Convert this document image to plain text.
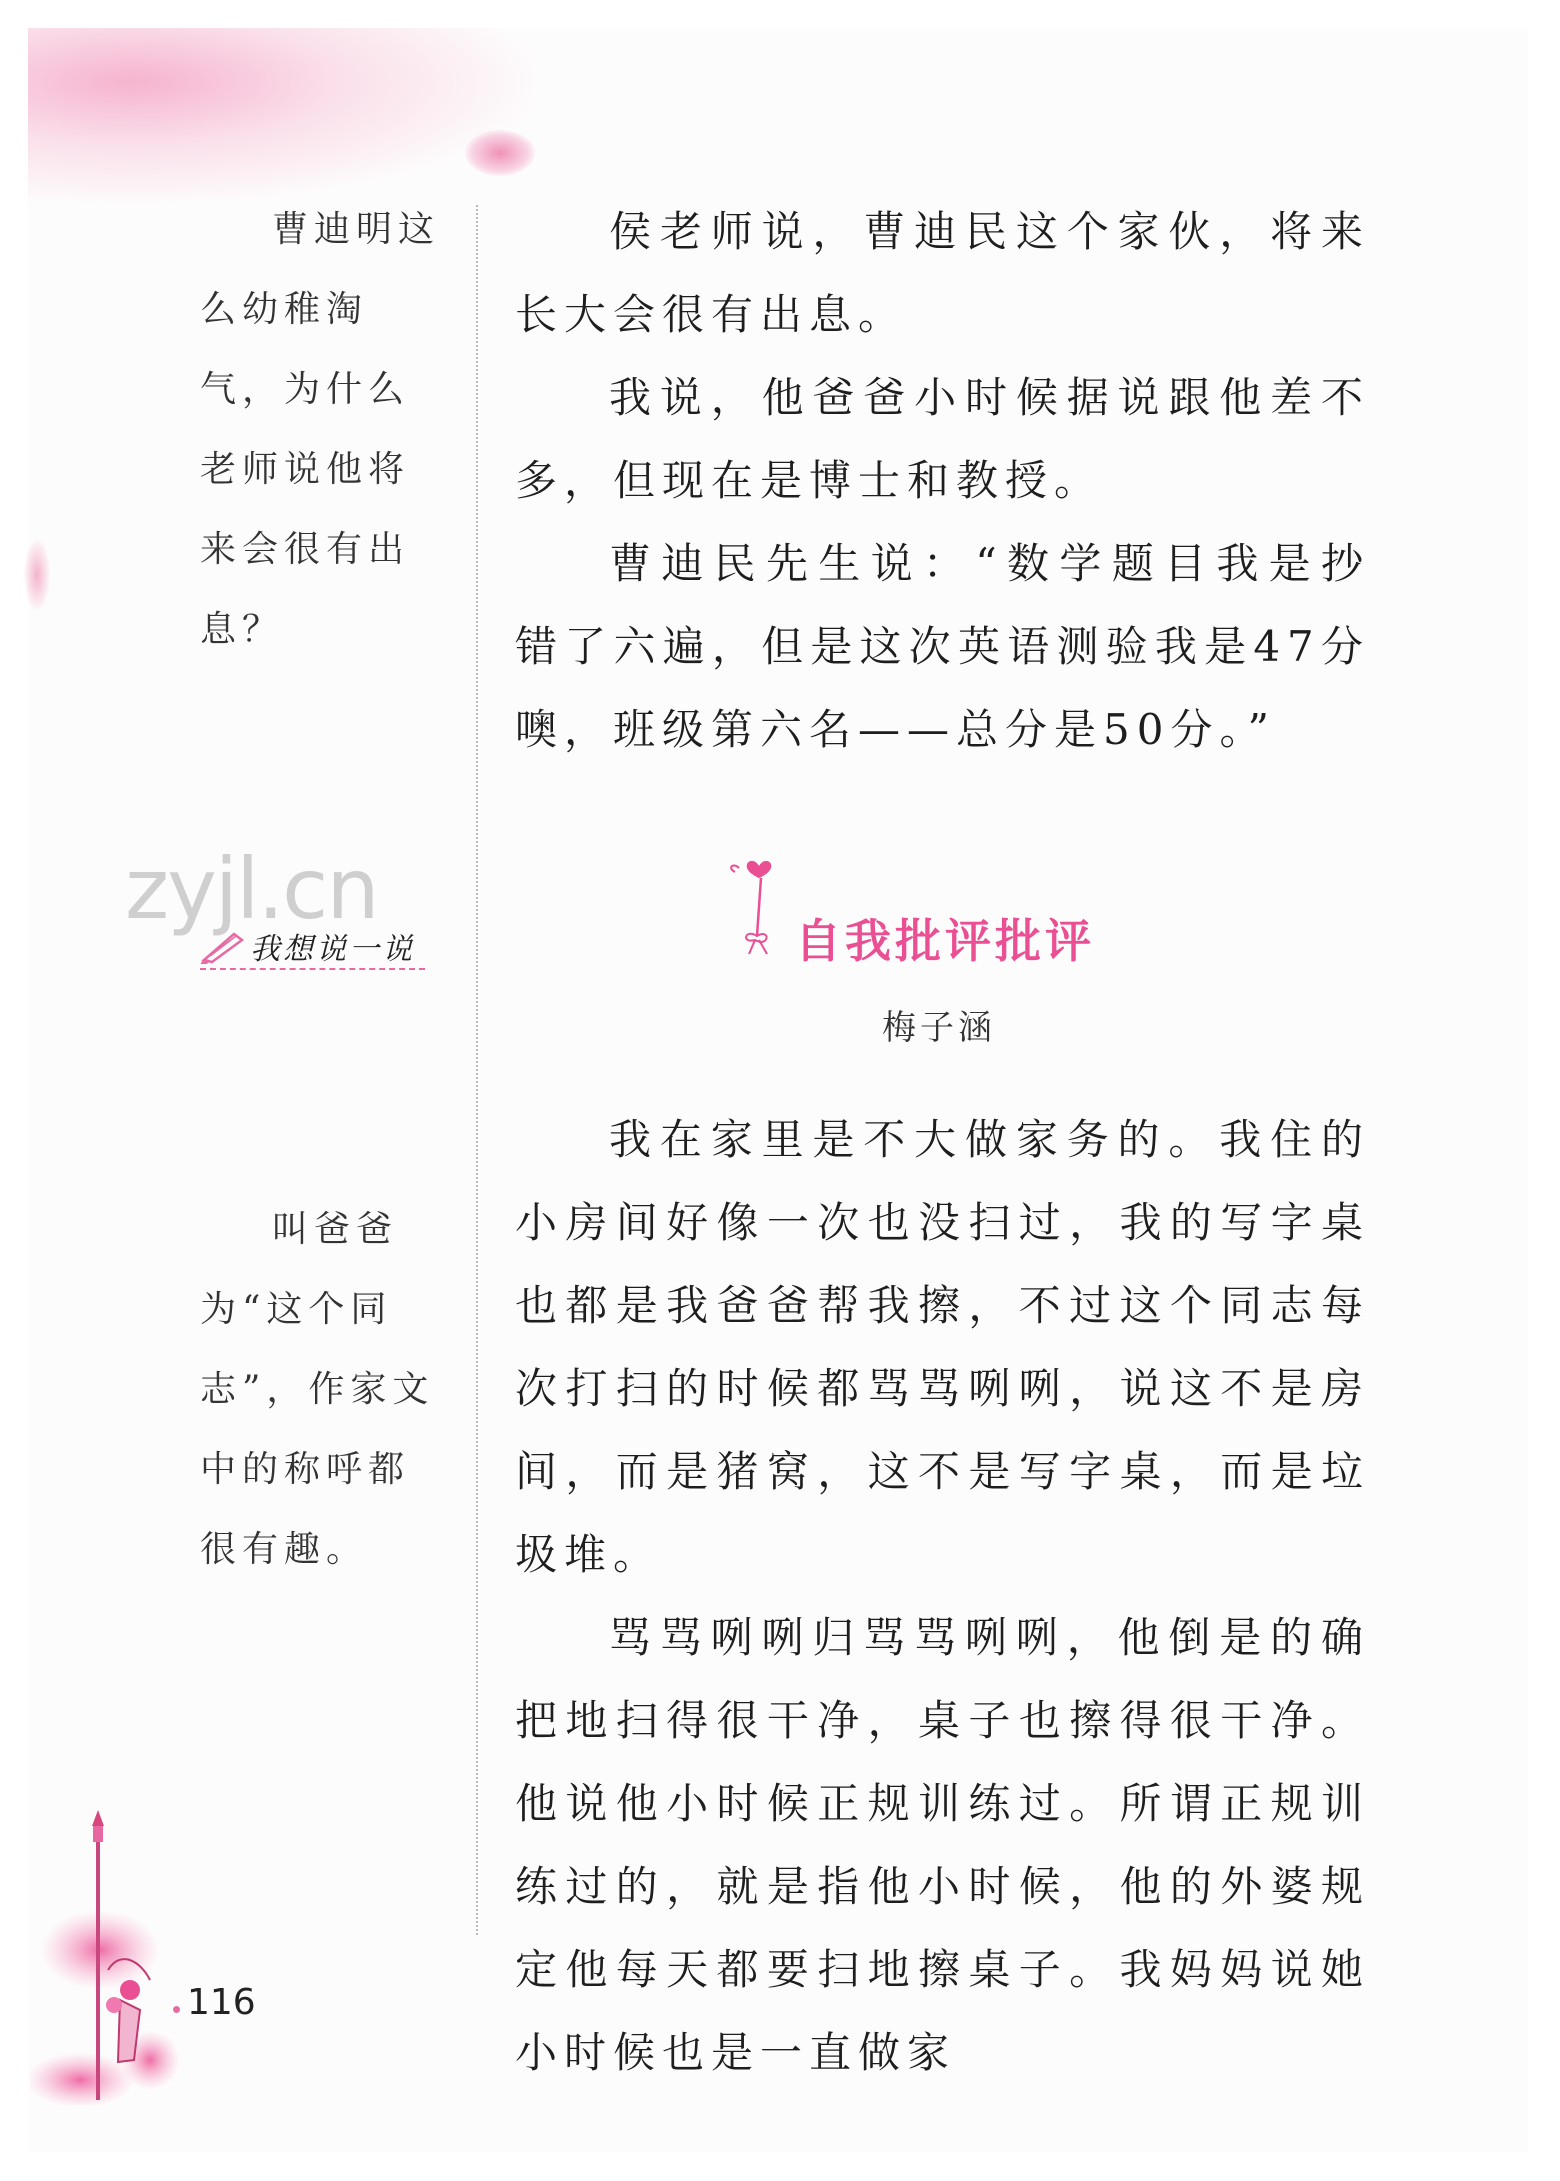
曹迪明这么幼稚淘气，为什么老师说他将来会很有出息？
zyjl.cn
我想说一说
叫爸爸为“这个同志”，作家文中的称呼都很有趣。

侯老师说，曹迪民这个家伙，将来长大会很有出息。

我说，他爸爸小时候据说跟他差不多，但现在是博士和教授。

曹迪民先生说：“数学题目我是抄错了六遍，但是这次英语测验我是47分噢，班级第六名——总分是50分。”

自我批评批评
梅子涵

我在家里是不大做家务的。我住的小房间好像一次也没扫过，我的写字桌也都是我爸爸帮我擦，不过这个同志每次打扫的时候都骂骂咧咧，说这不是房间，而是猪窝，这不是写字桌，而是垃圾堆。

骂骂咧咧归骂骂咧咧，他倒是的确把地扫得很干净，桌子也擦得很干净。他说他小时候正规训练过。所谓正规训练过的，就是指他小时候，他的外婆规定他每天都要扫地擦桌子。我妈妈说她小时候也是一直做家

116
